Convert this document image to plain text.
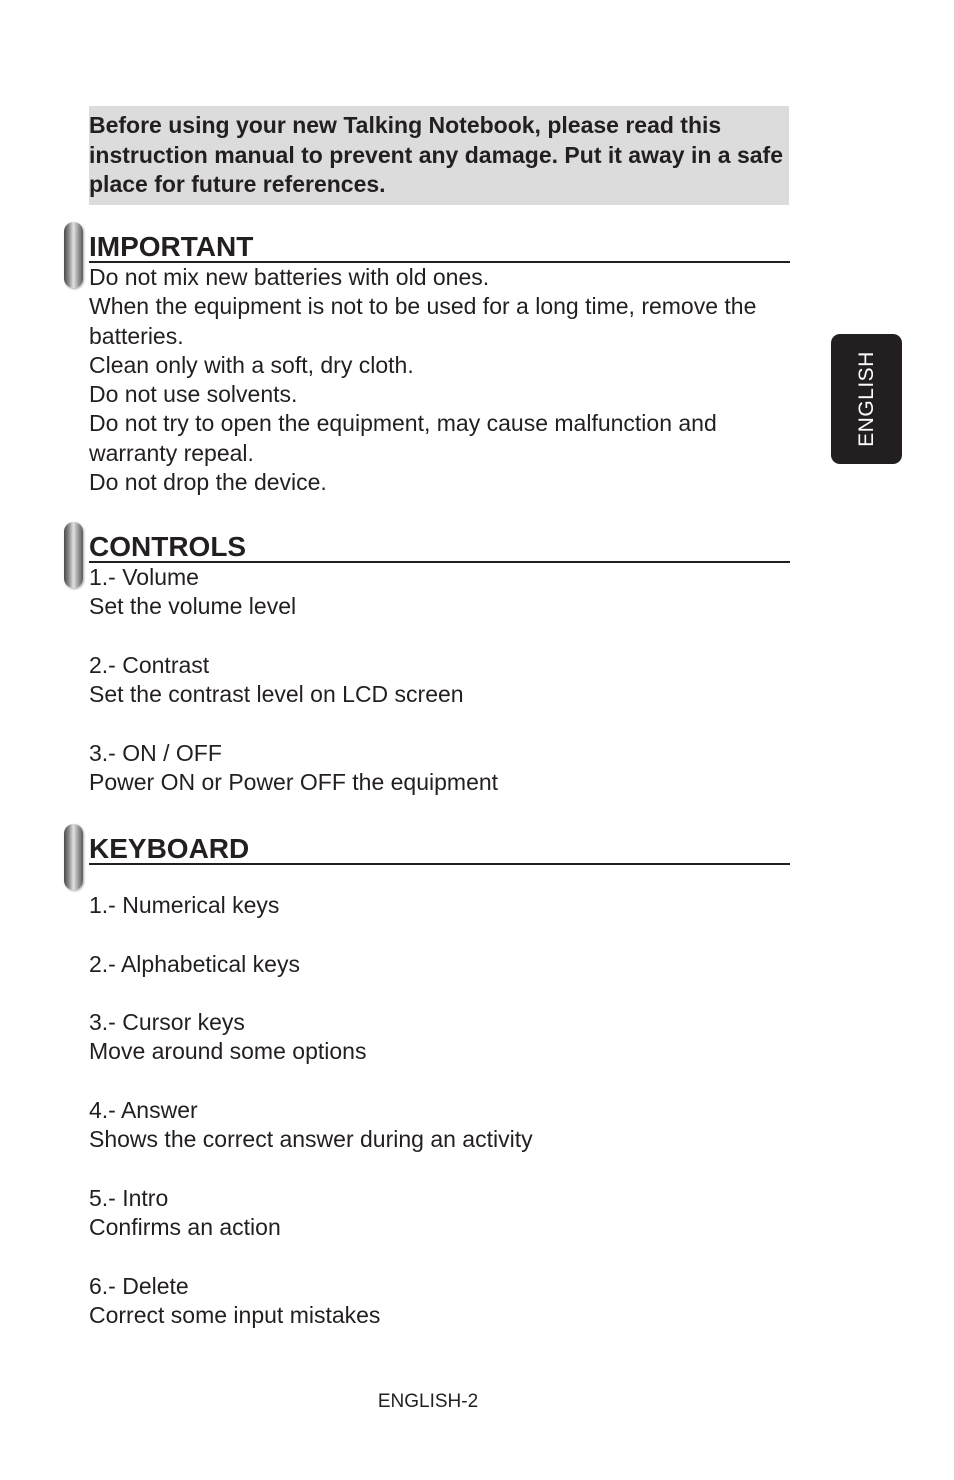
Before using your new Talking Notebook, please read this instruction manual to prevent any damage. Put it away in a safe place for future references.
IMPORTANT
Do not mix new batteries with old ones.
When the equipment is not to be used for a long time, remove the batteries.
Clean only with a soft, dry cloth.
Do not use solvents.
Do not try to open the equipment, may cause malfunction and warranty repeal.
Do not drop the device.
CONTROLS
1.- Volume
Set the volume level
2.- Contrast
Set the contrast level on LCD screen
3.- ON / OFF
Power ON or Power OFF the equipment
KEYBOARD
1.- Numerical keys
2.- Alphabetical keys
3.- Cursor keys
Move around some options
4.- Answer
Shows the correct answer during an activity
5.- Intro
Confirms an action
6.- Delete
Correct some input mistakes
ENGLISH
ENGLISH-2
